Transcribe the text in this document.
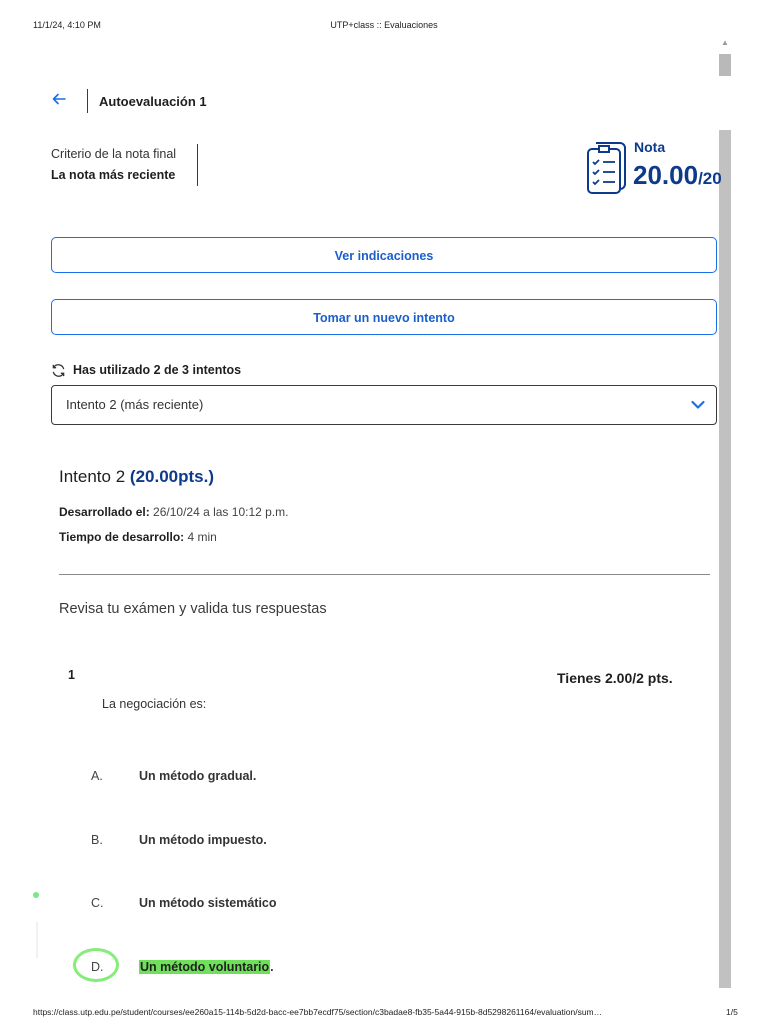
11/1/24, 4:10 PM	UTP+class :: Evaluaciones
▲
Autoevaluación 1
Criterio de la nota final
La nota más reciente
Nota
20.00/20
Ver indicaciones
Tomar un nuevo intento
Has utilizado 2 de 3 intentos
Intento 2 (más reciente)
Intento 2 (20.00pts.)
Desarrollado el: 26/10/24 a las 10:12 p.m.
Tiempo de desarrollo: 4 min
Revisa tu exámen y valida tus respuestas
1	Tienes 2.00/2 pts.
La negociación es:
A.	Un método gradual.
B.	Un método impuesto.
C.	Un método sistemático
D.	Un método voluntario.
https://class.utp.edu.pe/student/courses/ee260a15-114b-5d2d-bacc-ee7bb7ecdf75/section/c3badae8-fb35-5a44-915b-8d5298261164/evaluation/sum…	1/5
